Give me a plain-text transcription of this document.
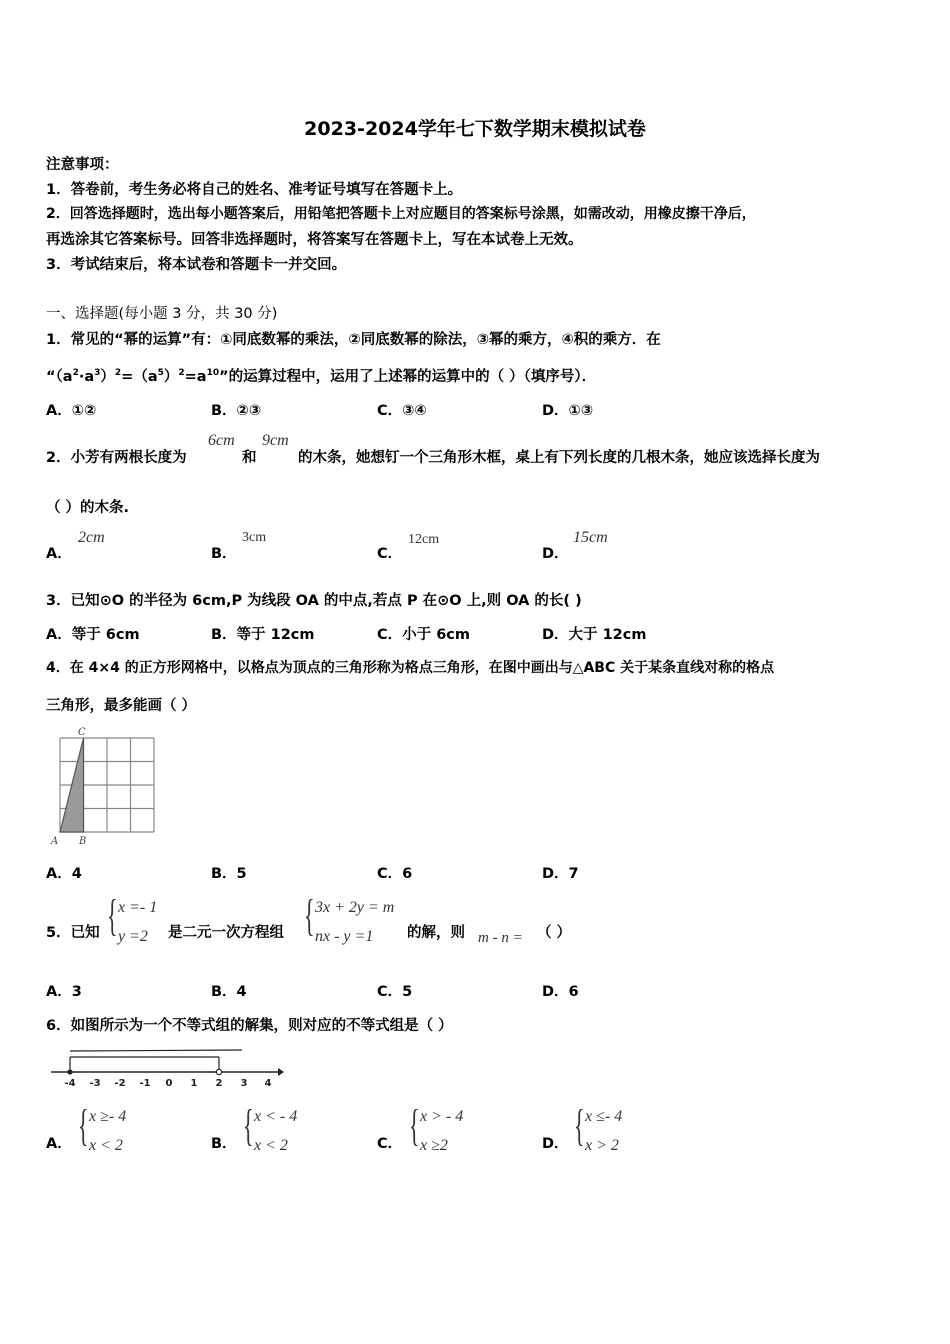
2023-2024学年七下数学期末模拟试卷
注意事项：
1．答卷前，考生务必将自己的姓名、准考证号填写在答题卡上。
2．回答选择题时，选出每小题答案后，用铅笔把答题卡上对应题目的答案标号涂黑，如需改动，用橡皮擦干净后，
再选涂其它答案标号。回答非选择题时，将答案写在答题卡上，写在本试卷上无效。
3．考试结束后，将本试卷和答题卡一并交回。
一、选择题(每小题 3 分，共 30 分)
1．常见的“幂的运算”有：①同底数幂的乘法，②同底数幂的除法，③幂的乘方，④积的乘方．在
“$(a^2\cdot a^3)^2=(a^5)^2=a^{10}$”的运算过程中，运用了上述幂的运算中的（ ）（填序号）．
A．①②	B．②③	C．③④	D．①③
2．小芳有两根长度为
6cm
和
9cm
的木条，她想钉一个三角形木框，桌上有下列长度的几根木条，她应该选择长度为
（ ）的木条.
A．
2cm
B．
3cm
C．
12cm
D．
15cm
3．已知⊙O 的半径为 6cm,P 为线段 OA 的中点,若点 P 在⊙O 上,则 OA 的长( )
A．等于 6cm	B．等于 12cm	C．小于 6cm	D．大于 12cm
4．在 4×4 的正方形网格中，以格点为顶点的三角形称为格点三角形，在图中画出与△ABC 关于某条直线对称的格点
三角形，最多能画（ ）
C
A B
A．4	B．5	C．6	D．7
5．已知 { x =- 1
y =2	是二元一次方程组 { 3x + 2y = m
nx - y =1	的解，则 m - n = （ ）
A．3	B．4	C．5	D．6
6．如图所示为一个不等式组的解集，则对应的不等式组是（ ）
-4 -3 -2 -1 0 1 2 3 4
A． { x ≥- 4
x < 2	B． { x < - 4
x < 2	C． { x > - 4
x ≥2	D． { x ≤- 4
x > 2
